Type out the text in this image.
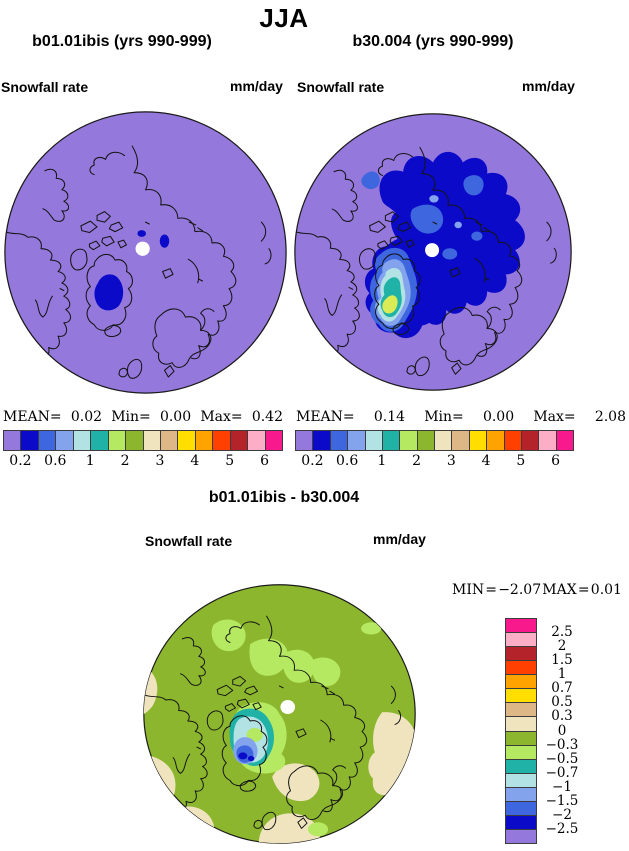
JJA
b01.01ibis (yrs 990-999)	b30.004 (yrs 990-999)
Snowfall rate	mm/day Snowfall rate	mm/day
MEAN= 0.02 Min= 0.00 Max= 0.42 MEAN= 0.14 Min= 0.00 Max= 2.08
0.2 0.6 1 2 3 4 5 6 0.2 0.6 1 2 3 4 5 6
b01.01ibis - b30.004
Snowfall rate	mm/day
MIN = −2.07 MAX = 0.01
2.5
2
1.5
1
0.7
0.5
0.3
0
−0.3
−0.5
−0.7
−1
−1.5
−2
−2.5
